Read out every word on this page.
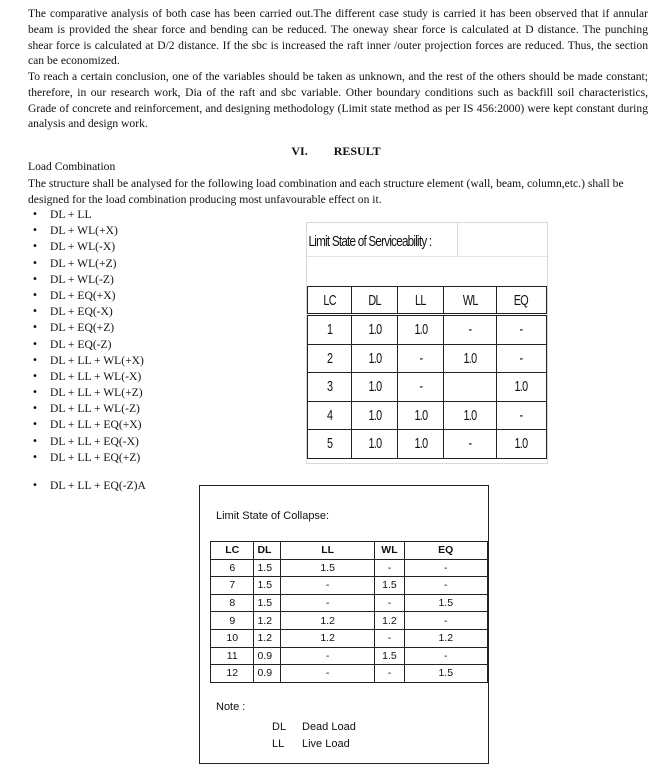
The comparative analysis of both case has been carried out.The different case study is carried it has been observed that if annular beam is provided the shear force and bending can be reduced. The oneway shear force is calculated at D distance. The punching shear force is calculated at D/2 distance. If the sbc is increased the raft inner /outer projection forces are reduced. Thus, the section can be economized.

To reach a certain conclusion, one of the variables should be taken as unknown, and the rest of the others should be made constant; therefore, in our research work, Dia of the raft and sbc variable. Other boundary conditions such as backfill soil characteristics, Grade of concrete and reinforcement, and designing methodology (Limit state method as per IS 456:2000) were kept constant during analysis and design work.

VI. RESULT

Load Combination

The structure shall be analysed for the following load combination and each structure element (wall, beam, column,etc.) shall be designed for the load combination producing most unfavourable effect on it.

• DL + LL
• DL + WL(+X)
• DL + WL(-X)
• DL + WL(+Z)
• DL + WL(-Z)
• DL + EQ(+X)
• DL + EQ(-X)
• DL + EQ(+Z)
• DL + EQ(-Z)
• DL + LL + WL(+X)
• DL + LL + WL(-X)
• DL + LL + WL(+Z)
• DL + LL + WL(-Z)
• DL + LL + EQ(+X)
• DL + LL + EQ(-X)
• DL + LL + EQ(+Z)

• DL + LL + EQ(-Z)A

Limit State of Serviceability :
LC	DL	LL	WL	EQ
1	1.0	1.0	-	-
2	1.0	-	1.0	-
3	1.0	-		1.0
4	1.0	1.0	1.0	-
5	1.0	1.0	-	1.0
Limit State of Collapse:
LC	DL	LL	WL		EQ
6	1.5	1.5	-		-
7	1.5	-	1.5		-
8	1.5	-	-		1.5
9	1.2	1.2	1.2		-
10	1.2	1.2	-		1.2
11	0.9	-	1.5		-
12	0.9	-	-		1.5
Note :
DL Dead Load
LL Live Load
